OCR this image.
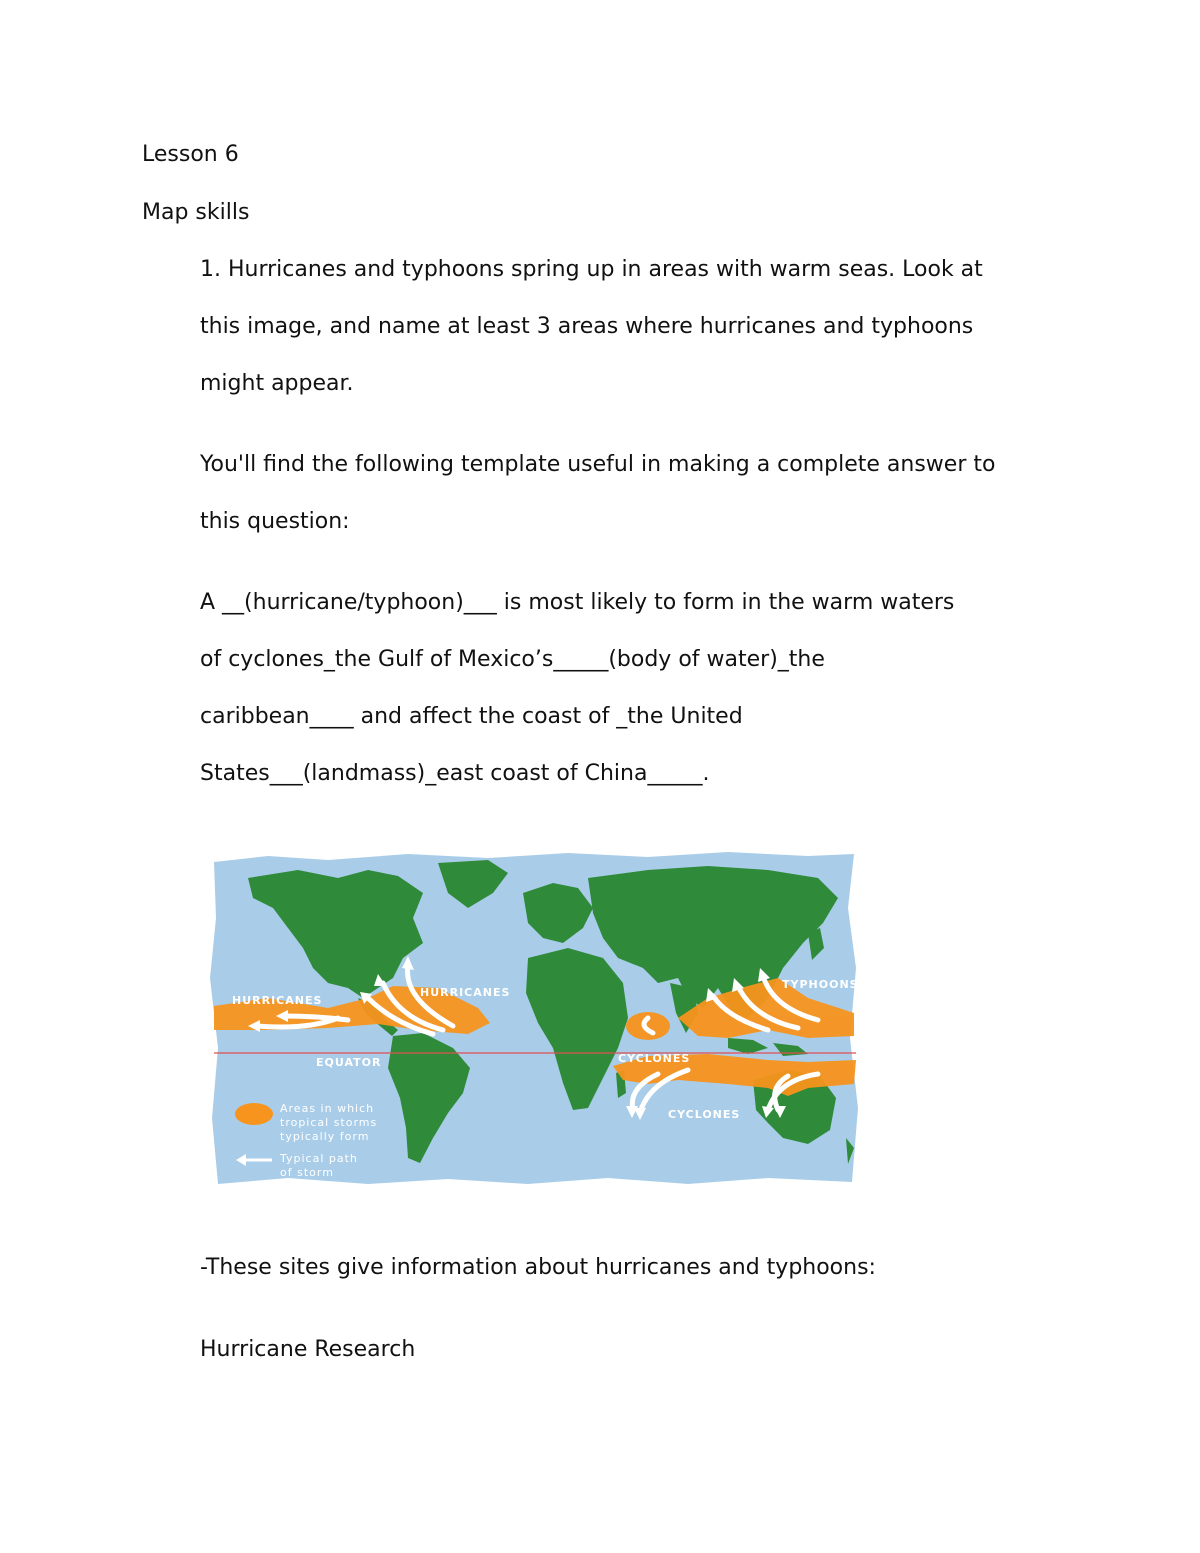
Lesson 6
Map skills
1. Hurricanes and typhoons spring up in areas with warm seas. Look at
this image, and name at least 3 areas where hurricanes and typhoons
might appear.
You'll find the following template useful in making a complete answer to
this question:
A __(hurricane/typhoon)___ is most likely to form in the warm waters
of cyclones_the Gulf of Mexico’s_____(body of water)_the
caribbean____ and affect the coast of _the United
States___(landmass)_east coast of China_____.
HURRICANES
HURRICANES
TYPHOONS
EQUATOR	CYCLONES
CYCLONES
Areas in which
tropical storms
typically form
Typical path
of storm
-These sites give information about hurricanes and typhoons:
Hurricane Research
